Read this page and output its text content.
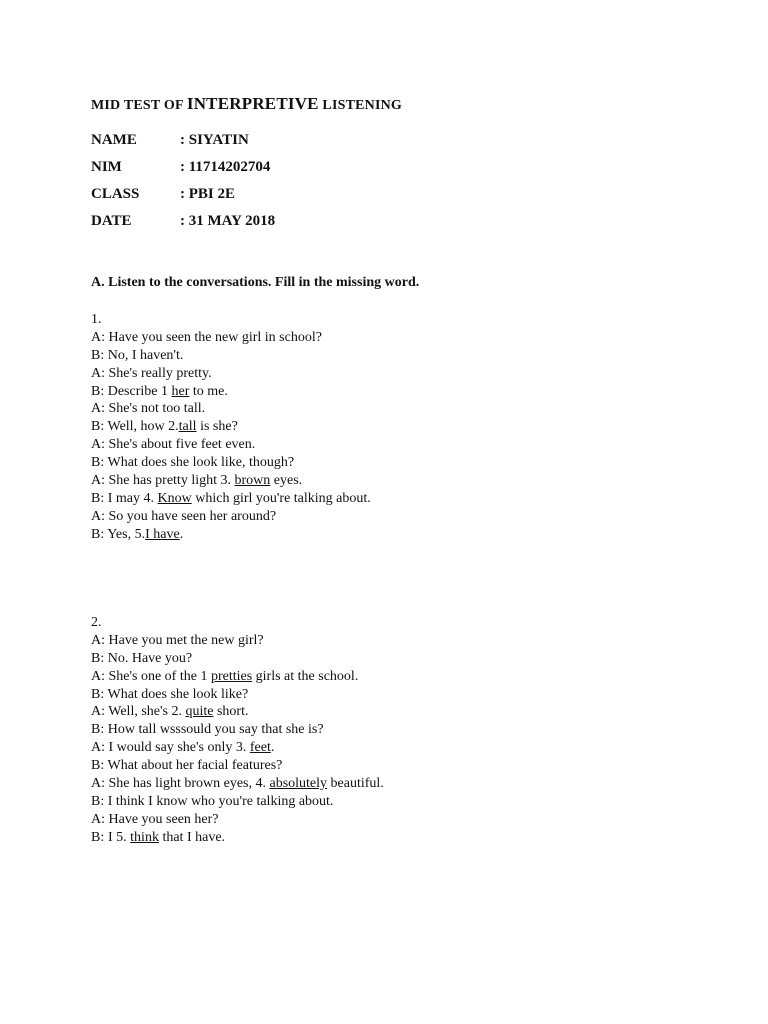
MID TEST OF INTERPRETIVE LISTENING
NAME	: SIYATIN
NIM	: 11714202704
CLASS	: PBI 2E
DATE	: 31 MAY 2018
A. Listen to the conversations. Fill in the missing word.
1.
A: Have you seen the new girl in school?
B: No, I haven't.
A: She's really pretty.
B: Describe 1 her to me.
A: She's not too tall.
B: Well, how 2.tall is she?
A: She's about five feet even.
B: What does she look like, though?
A: She has pretty light 3. brown eyes.
B: I may 4. Know which girl you're talking about.
A: So you have seen her around?
B: Yes, 5.I have.
2.
A: Have you met the new girl?
B: No. Have you?
A: She's one of the 1 pretties girls at the school.
B: What does she look like?
A: Well, she's 2. quite short.
B: How tall wsssould you say that she is?
A: I would say she's only 3. feet.
B: What about her facial features?
A: She has light brown eyes, 4. absolutely beautiful.
B: I think I know who you're talking about.
A: Have you seen her?
B: I 5. think that I have.
